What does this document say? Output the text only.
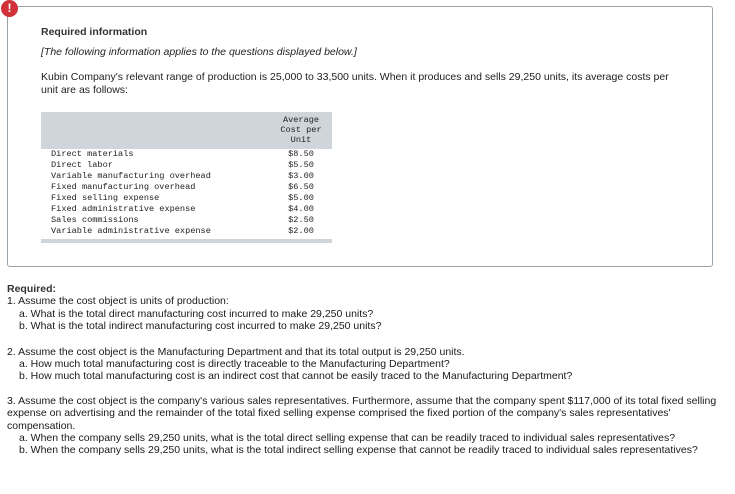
!
Required information
[The following information applies to the questions displayed below.]
Kubin Company's relevant range of production is 25,000 to 33,500 units. When it produces and sells 29,250 units, its average costs per unit are as follows:
Average
Cost per
Unit
Direct materials	$8.50
Direct labor	$5.50
Variable manufacturing overhead	$3.00
Fixed manufacturing overhead	$6.50
Fixed selling expense	$5.00
Fixed administrative expense	$4.00
Sales commissions	$2.50
Variable administrative expense	$2.00
Required:

1. Assume the cost object is units of production:

a. What is the total direct manufacturing cost incurred to make 29,250 units?

b. What is the total indirect manufacturing cost incurred to make 29,250 units?

2. Assume the cost object is the Manufacturing Department and that its total output is 29,250 units.

a. How much total manufacturing cost is directly traceable to the Manufacturing Department?

b. How much total manufacturing cost is an indirect cost that cannot be easily traced to the Manufacturing Department?

3. Assume the cost object is the company's various sales representatives. Furthermore, assume that the company spent $117,000 of its total fixed selling expense on advertising and the remainder of the total fixed selling expense comprised the fixed portion of the company's sales representatives' compensation.

a. When the company sells 29,250 units, what is the total direct selling expense that can be readily traced to individual sales representatives?

b. When the company sells 29,250 units, what is the total indirect selling expense that cannot be readily traced to individual sales representatives?
